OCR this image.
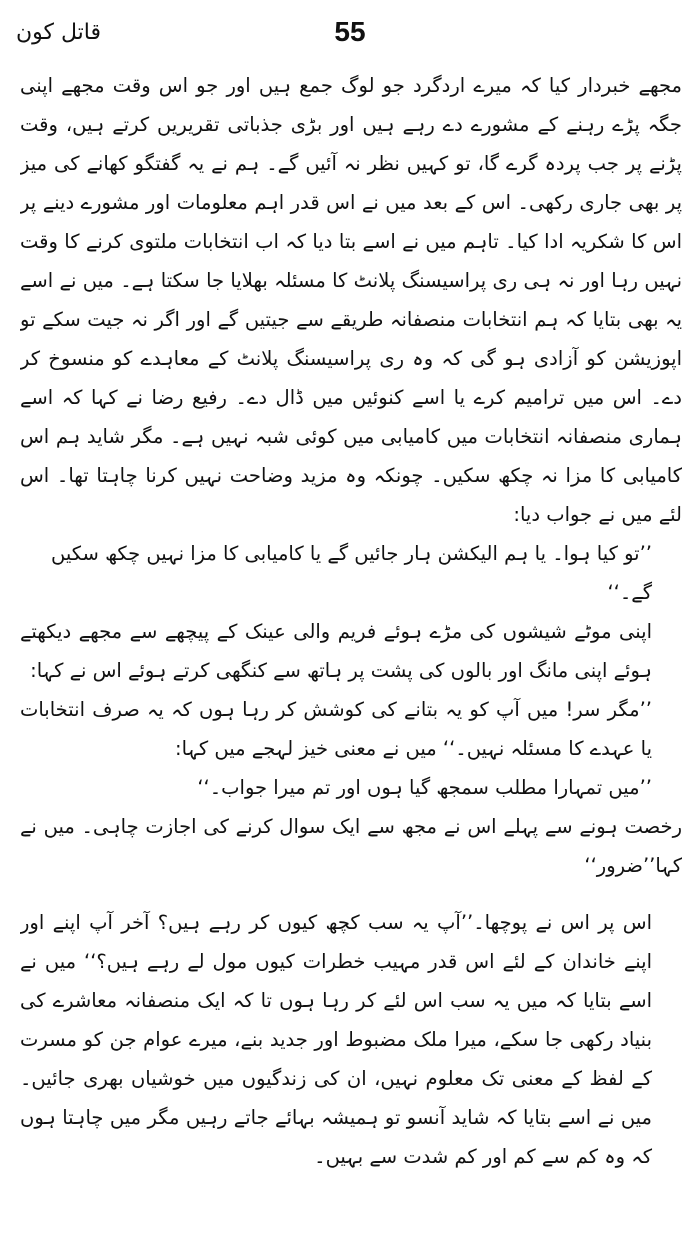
قاتل کون	55

مجھے خبردار کیا کہ میرے اردگرد جو لوگ جمع ہیں اور جو اس وقت مجھے اپنی جگہ پڑے رہنے کے مشورے دے رہے ہیں اور بڑی جذباتی تقریریں کرتے ہیں، وقت پڑنے پر جب پردہ گرے گا، تو کہیں نظر نہ آئیں گے۔ ہم نے یہ گفتگو کھانے کی میز پر بھی جاری رکھی۔ اس کے بعد میں نے اس قدر اہم معلومات اور مشورے دینے پر اس کا شکریہ ادا کیا۔ تاہم میں نے اسے بتا دیا کہ اب انتخابات ملتوی کرنے کا وقت نہیں رہا اور نہ ہی ری پراسیسنگ پلانٹ کا مسئلہ بھلایا جا سکتا ہے۔ میں نے اسے یہ بھی بتایا کہ ہم انتخابات منصفانہ طریقے سے جیتیں گے اور اگر نہ جیت سکے تو اپوزیشن کو آزادی ہو گی کہ وہ ری پراسیسنگ پلانٹ کے معاہدے کو منسوخ کر دے۔ اس میں ترامیم کرے یا اسے کنوئیں میں ڈال دے۔ رفیع رضا نے کہا کہ اسے ہماری منصفانہ انتخابات میں کامیابی میں کوئی شبہ نہیں ہے۔ مگر شاید ہم اس کامیابی کا مزا نہ چکھ سکیں۔ چونکہ وہ مزید وضاحت نہیں کرنا چاہتا تھا۔ اس لئے میں نے جواب دیا:

’’تو کیا ہوا۔ یا ہم الیکشن ہار جائیں گے یا کامیابی کا مزا نہیں چکھ سکیں گے۔‘‘

اپنی موٹے شیشوں کی مڑے ہوئے فریم والی عینک کے پیچھے سے مجھے دیکھتے ہوئے اپنی مانگ اور بالوں کی پشت پر ہاتھ سے کنگھی کرتے ہوئے اس نے کہا:

’’مگر سر! میں آپ کو یہ بتانے کی کوشش کر رہا ہوں کہ یہ صرف انتخابات یا عہدے کا مسئلہ نہیں۔‘‘ میں نے معنی خیز لہجے میں کہا:

’’میں تمہارا مطلب سمجھ گیا ہوں اور تم میرا جواب۔‘‘

رخصت ہونے سے پہلے اس نے مجھ سے ایک سوال کرنے کی اجازت چاہی۔ میں نے کہا’’ضرور‘‘

اس پر اس نے پوچھا۔’’آپ یہ سب کچھ کیوں کر رہے ہیں؟ آخر آپ اپنے اور اپنے خاندان کے لئے اس قدر مہیب خطرات کیوں مول لے رہے ہیں؟‘‘ میں نے اسے بتایا کہ میں یہ سب اس لئے کر رہا ہوں تا کہ ایک منصفانہ معاشرے کی بنیاد رکھی جا سکے، میرا ملک مضبوط اور جدید بنے، میرے عوام جن کو مسرت کے لفظ کے معنی تک معلوم نہیں، ان کی زندگیوں میں خوشیاں بھری جائیں۔ میں نے اسے بتایا کہ شاید آنسو تو ہمیشہ بہائے جاتے رہیں مگر میں چاہتا ہوں کہ وہ کم سے کم اور کم شدت سے بہیں۔
